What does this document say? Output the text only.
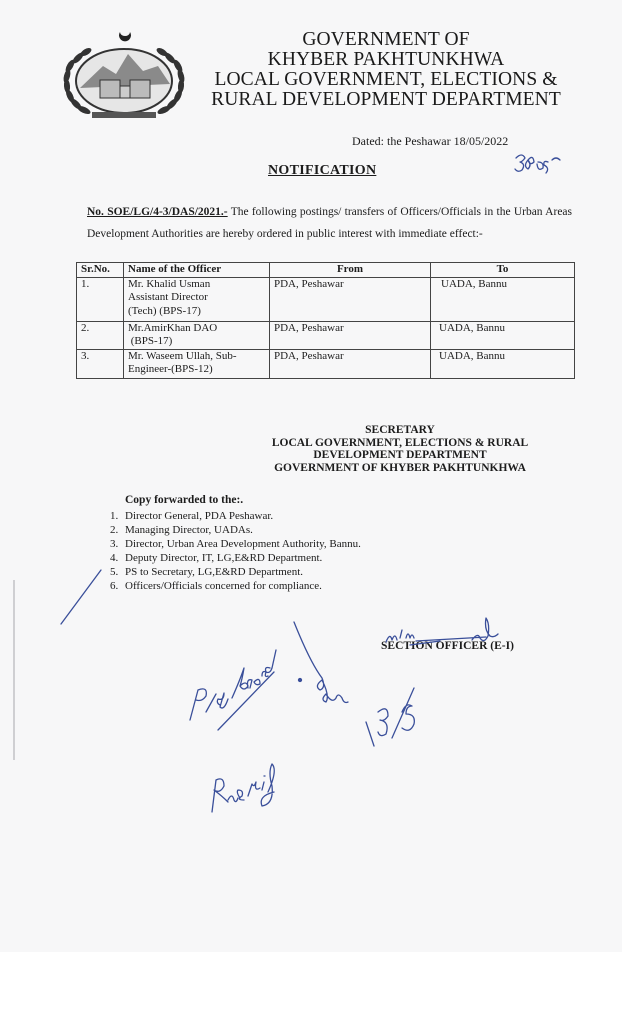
GOVERNMENT OF
KHYBER PAKHTUNKHWA
LOCAL GOVERNMENT, ELECTIONS &
RURAL DEVELOPMENT DEPARTMENT
Dated: the Peshawar 18/05/2022
NOTIFICATION
No. SOE/LG/4-3/DAS/2021.- The following postings/ transfers of Officers/Officials in the Urban Areas Development Authorities are hereby ordered in public interest with immediate effect:-
Sr.No.	Name of the Officer	From	To
1.	Mr. Khalid Usman
Assistant Director
(Tech) (BPS-17)	PDA, Peshawar	UADA, Bannu
2.	Mr.AmirKhan DAO
(BPS-17)	PDA, Peshawar	UADA, Bannu
3.	Mr. Waseem Ullah, Sub-
Engineer-(BPS-12)	PDA, Peshawar	UADA, Bannu
SECRETARY
LOCAL GOVERNMENT, ELECTIONS & RURAL
DEVELOPMENT DEPARTMENT
GOVERNMENT OF KHYBER PAKHTUNKHWA
Copy forwarded to the:.
1. Director General, PDA Peshawar.
2. Managing Director, UADAs.
3. Director, Urban Area Development Authority, Bannu.
4. Deputy Director, IT, LG,E&RD Department.
5. PS to Secretary, LG,E&RD Department.
6. Officers/Officials concerned for compliance.
SECTION OFFICER (E-I)
